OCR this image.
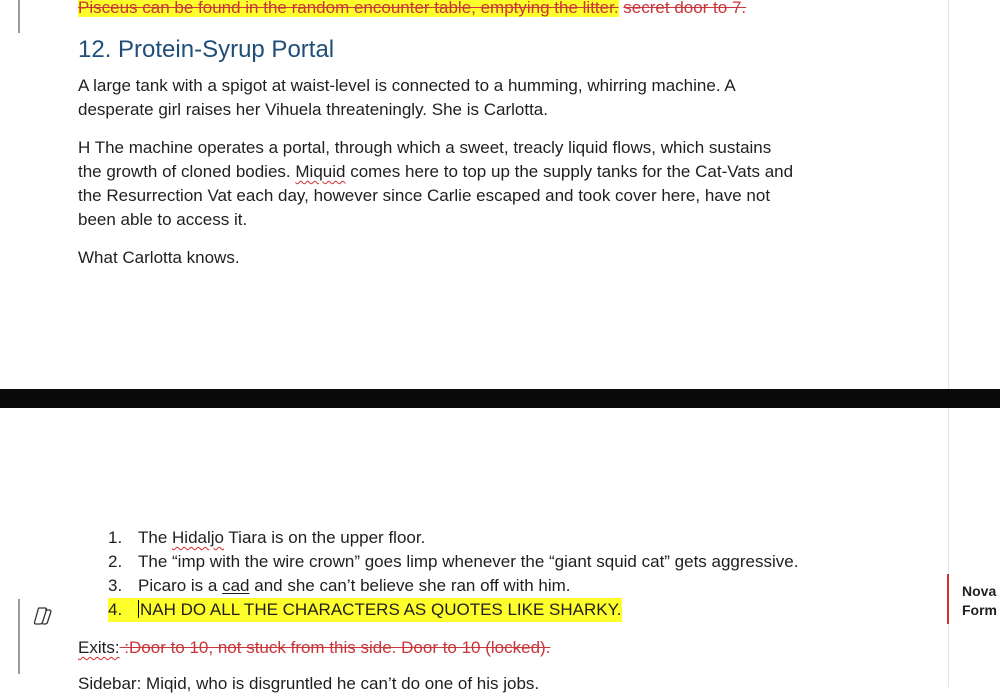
Pisceus can be found in the random encounter table, emptying the litter. secret door to 7.
12. Protein-Syrup Portal
A large tank with a spigot at waist-level is connected to a humming, whirring machine. A
desperate girl raises her Vihuela threateningly. She is Carlotta.
H The machine operates a portal, through which a sweet, treacly liquid flows, which sustains
the growth of cloned bodies. Miquid comes here to top up the supply tanks for the Cat-Vats and
the Resurrection Vat each day, however since Carlie escaped and took cover here, have not
been able to access it.
What Carlotta knows.
1. The Hidaljo Tiara is on the upper floor.
2. The “imp with the wire crown” goes limp whenever the “giant squid cat” gets aggressive.
3. Picaro is a cad and she can’t believe she ran off with him.
4.	NAH DO ALL THE CHARACTERS AS QUOTES LIKE SHARKY.
Exits: :Door to 10, not stuck from this side. Door to 10 (locked).
Sidebar: Miqid, who is disgruntled he can’t do one of his jobs.
Nova
Form
